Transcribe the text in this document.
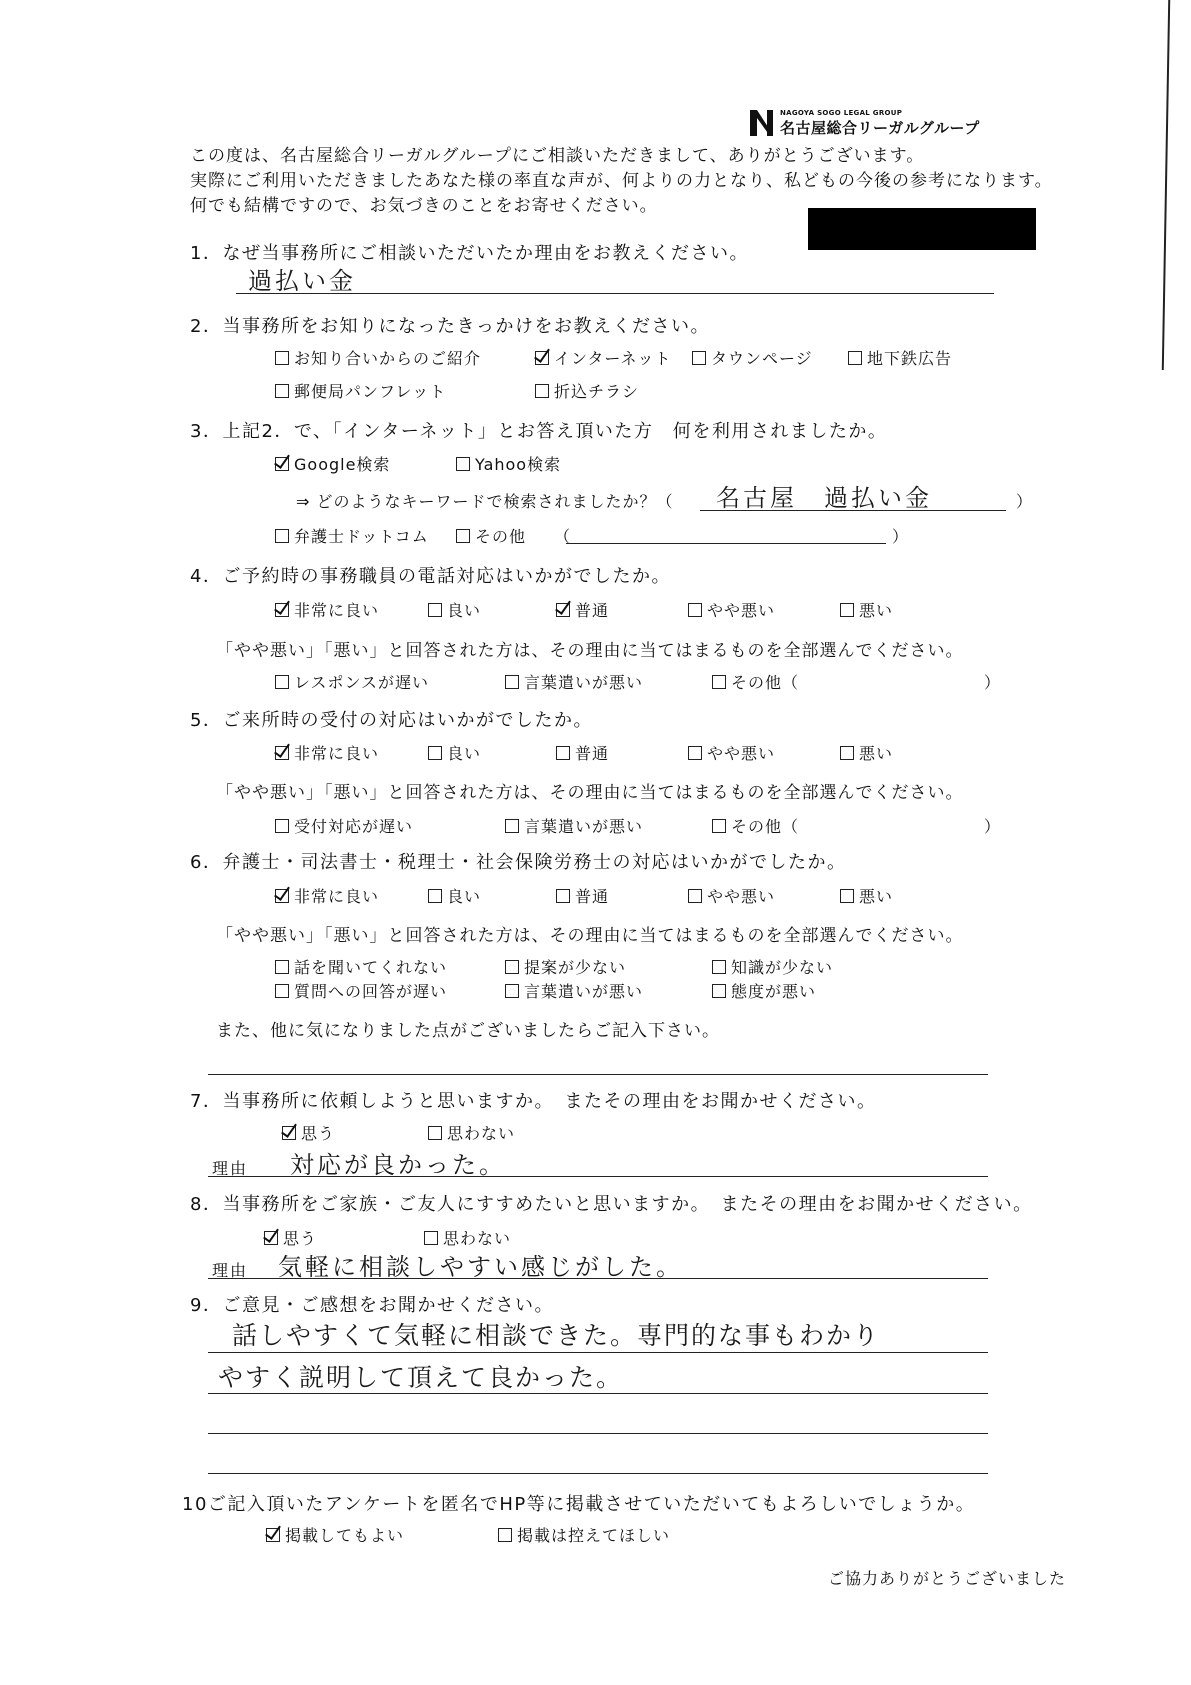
NAGOYA SOGO LEGAL GROUP
名古屋総合リーガルグループ
この度は、名古屋総合リーガルグループにご相談いただきまして、ありがとうございます。
実際にご利用いただきましたあなた様の率直な声が、何よりの力となり、私どもの今後の参考になります。
何でも結構ですので、お気づきのことをお寄せください。
1．なぜ当事務所にご相談いただいたか理由をお教えください。
過払い金
2．当事務所をお知りになったきっかけをお教えください。
お知り合いからのご紹介	インターネット タウンページ	地下鉄広告
郵便局パンフレット	折込チラシ
3．上記2．で、「インターネット」とお答え頂いた方　何を利用されましたか。
Google検索	Yahoo検索
⇒ どのようなキーワードで検索されましたか？（ 名古屋　過払い金	）
弁護士ドットコム	その他 （	）
4．ご予約時の事務職員の電話対応はいかがでしたか。
非常に良い	良い	普通	やや悪い	悪い
「やや悪い」「悪い」と回答された方は、その理由に当てはまるものを全部選んでください。
レスポンスが遅い	言葉遣いが悪い	その他（	）
5．ご来所時の受付の対応はいかがでしたか。
非常に良い	良い	普通	やや悪い	悪い
「やや悪い」「悪い」と回答された方は、その理由に当てはまるものを全部選んでください。
受付対応が遅い	言葉遣いが悪い	その他（	）
6．弁護士・司法書士・税理士・社会保険労務士の対応はいかがでしたか。
非常に良い	良い	普通	やや悪い	悪い
「やや悪い」「悪い」と回答された方は、その理由に当てはまるものを全部選んでください。
話を聞いてくれない	提案が少ない	知識が少ない
質問への回答が遅い	言葉遣いが悪い	態度が悪い
また、他に気になりました点がございましたらご記入下さい。
7．当事務所に依頼しようと思いますか。　またその理由をお聞かせください。
思う	思わない
理由 対応が良かった。
8．当事務所をご家族・ご友人にすすめたいと思いますか。　またその理由をお聞かせください。
思う	思わない
理由 気軽に相談しやすい感じがした。
9．ご意見・ご感想をお聞かせください。
話しやすくて気軽に相談できた。専門的な事もわかり
やすく説明して頂えて良かった。
10ご記入頂いたアンケートを匿名でHP等に掲載させていただいてもよろしいでしょうか。
掲載してもよい	掲載は控えてほしい
ご協力ありがとうございました
